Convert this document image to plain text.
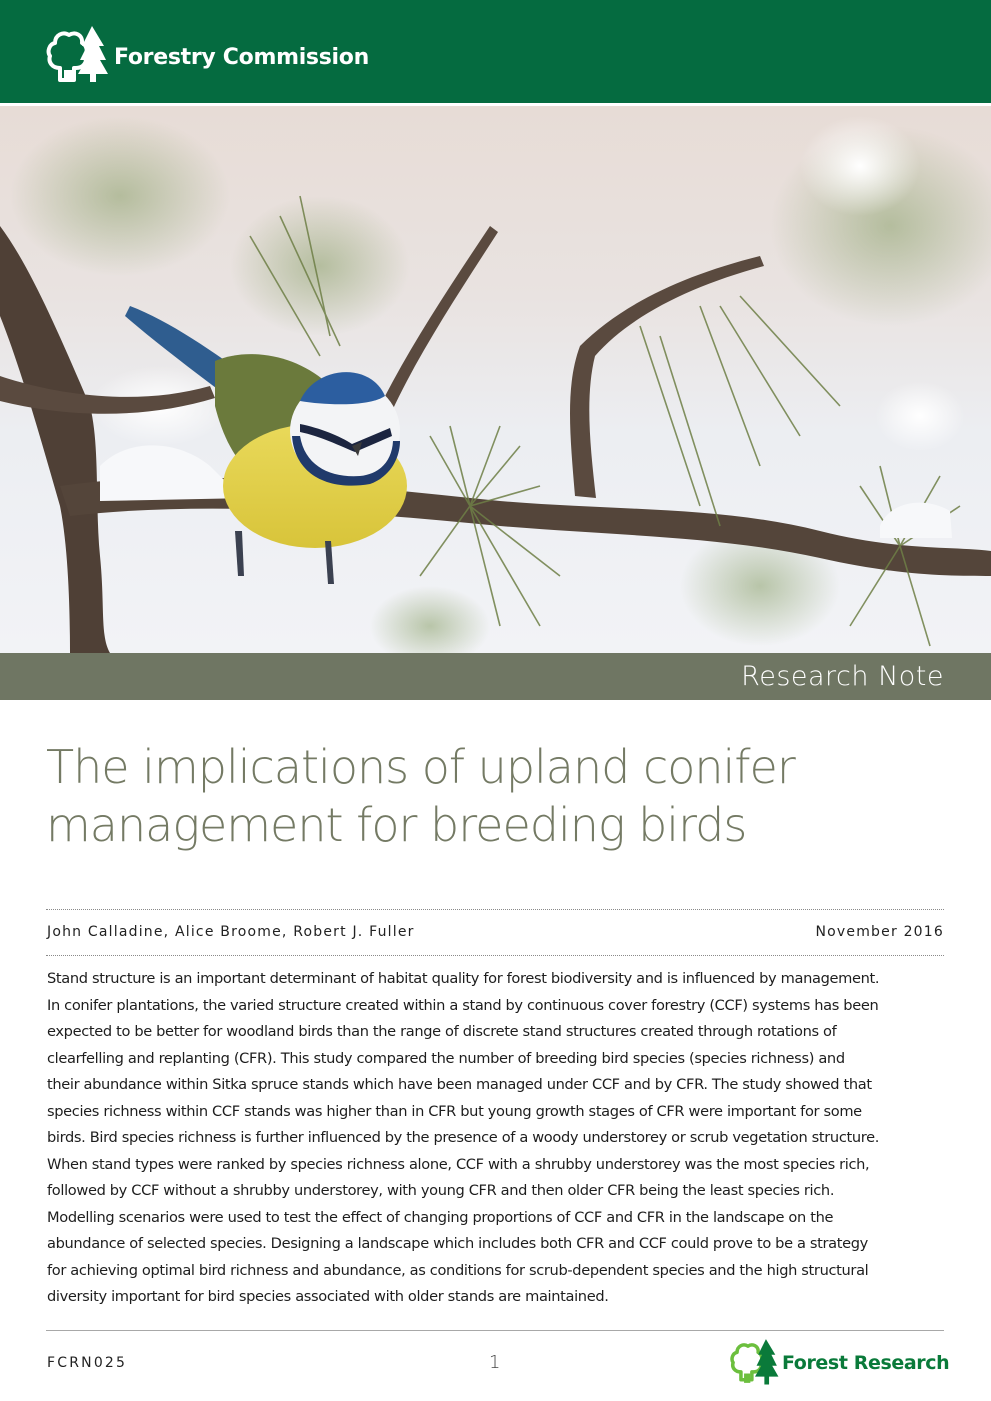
Forestry Commission
Research Note
The implications of upland conifer
management for breeding birds
John Calladine, Alice Broome, Robert J. Fuller	November 2016
Stand structure is an important determinant of habitat quality for forest biodiversity and is influenced by management.
In conifer plantations, the varied structure created within a stand by continuous cover forestry (CCF) systems has been
expected to be better for woodland birds than the range of discrete stand structures created through rotations of
clearfelling and replanting (CFR). This study compared the number of breeding bird species (species richness) and
their abundance within Sitka spruce stands which have been managed under CCF and by CFR. The study showed that
species richness within CCF stands was higher than in CFR but young growth stages of CFR were important for some
birds. Bird species richness is further influenced by the presence of a woody understorey or scrub vegetation structure.
When stand types were ranked by species richness alone, CCF with a shrubby understorey was the most species rich,
followed by CCF without a shrubby understorey, with young CFR and then older CFR being the least species rich.
Modelling scenarios were used to test the effect of changing proportions of CCF and CFR in the landscape on the
abundance of selected species. Designing a landscape which includes both CFR and CCF could prove to be a strategy
for achieving optimal bird richness and abundance, as conditions for scrub-dependent species and the high structural
diversity important for bird species associated with older stands are maintained.
FCRN025	1	Forest Research
